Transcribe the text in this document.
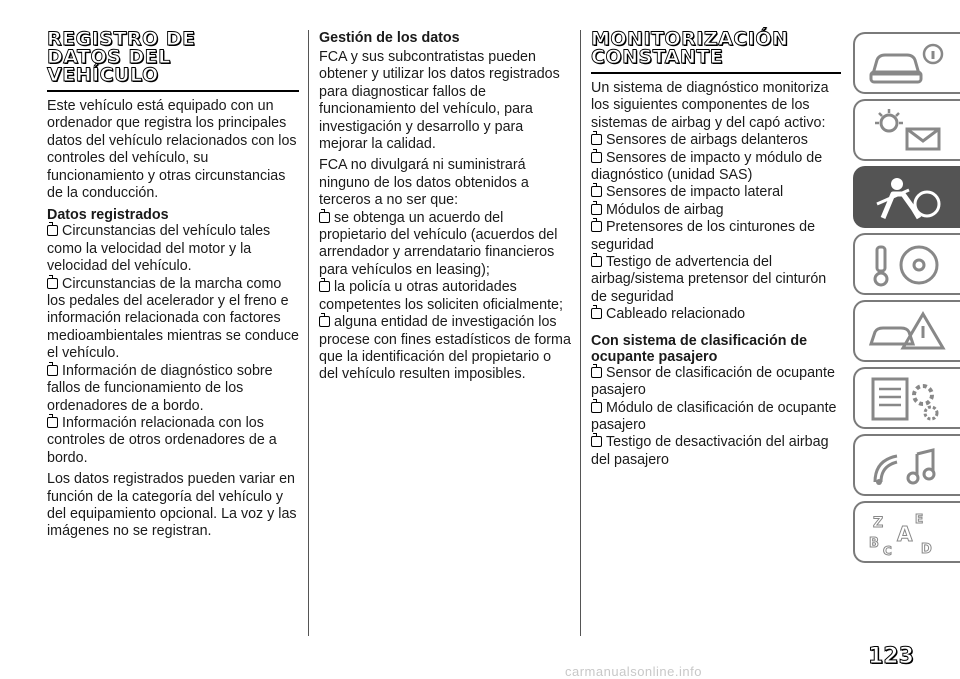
REGISTRO DE
DATOS DEL
VEHÍCULO

Este vehículo está equipado con un ordenador que registra los principales datos del vehículo relacionados con los controles del vehículo, su funcionamiento y otras circunstancias de la conducción.

Datos registrados
Circunstancias del vehículo tales como la velocidad del motor y la velocidad del vehículo.
Circunstancias de la marcha como los pedales del acelerador y el freno e información relacionada con factores medioambientales mientras se conduce el vehículo.
Información de diagnóstico sobre fallos de funcionamiento de los ordenadores de a bordo.
Información relacionada con los controles de otros ordenadores de a bordo.

Los datos registrados pueden variar en función de la categoría del vehículo y del equipamiento opcional. La voz y las imágenes no se registran.

Gestión de los datos

FCA y sus subcontratistas pueden obtener y utilizar los datos registrados para diagnosticar fallos de funcionamiento del vehículo, para investigación y desarrollo y para mejorar la calidad.

FCA no divulgará ni suministrará ninguno de los datos obtenidos a terceros a no ser que:

se obtenga un acuerdo del propietario del vehículo (acuerdos del arrendador y arrendatario financieros para vehículos en leasing);
la policía u otras autoridades competentes los soliciten oficialmente;
alguna entidad de investigación los procese con fines estadísticos de forma que la identificación del propietario o del vehículo resulten imposibles.
MONITORIZACIÓN
CONSTANTE

Un sistema de diagnóstico monitoriza los siguientes componentes de los sistemas de airbag y del capó activo:

Sensores de airbags delanteros
Sensores de impacto y módulo de diagnóstico (unidad SAS)
Sensores de impacto lateral
Módulos de airbag
Pretensores de los cinturones de seguridad
Testigo de advertencia del airbag/sistema pretensor del cinturón de seguridad
Cableado relacionado
Con sistema de clasificación de ocupante pasajero
Sensor de clasificación de ocupante pasajero
Módulo de clasificación de ocupante pasajero
Testigo de desactivación del airbag del pasajero
Z	E
A
B C D
123
carmanualsonline.info
